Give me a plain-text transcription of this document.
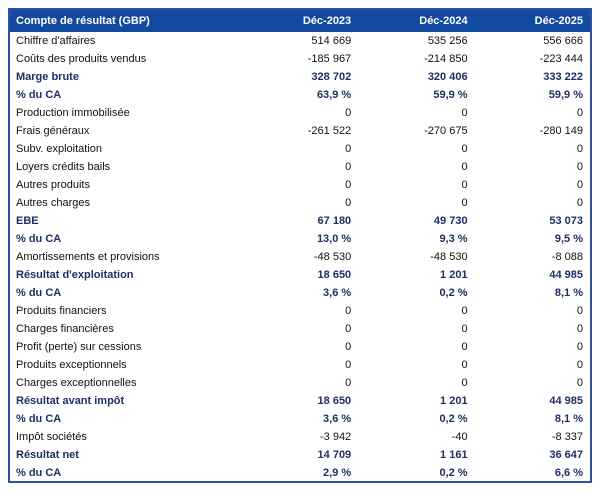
Compte de résultat (GBP)	Déc-2023	Déc-2024	Déc-2025
Chiffre d'affaires	514 669	535 256	556 666
Coûts des produits vendus	-185 967	-214 850	-223 444
Marge brute	328 702	320 406	333 222
% du CA	63,9 %	59,9 %	59,9 %
Production immobilisée	0	0	0
Frais généraux	-261 522	-270 675	-280 149
Subv. exploitation	0	0	0
Loyers crédits bails	0	0	0
Autres produits	0	0	0
Autres charges	0	0	0
EBE	67 180	49 730	53 073
% du CA	13,0 %	9,3 %	9,5 %
Amortissements et provisions	-48 530	-48 530	-8 088
Résultat d'exploitation	18 650	1 201	44 985
% du CA	3,6 %	0,2 %	8,1 %
Produits financiers	0	0	0
Charges financières	0	0	0
Profit (perte) sur cessions	0	0	0
Produits exceptionnels	0	0	0
Charges exceptionnelles	0	0	0
Résultat avant impôt	18 650	1 201	44 985
% du CA	3,6 %	0,2 %	8,1 %
Impôt sociétés	-3 942	-40	-8 337
Résultat net	14 709	1 161	36 647
% du CA	2,9 %	0,2 %	6,6 %
